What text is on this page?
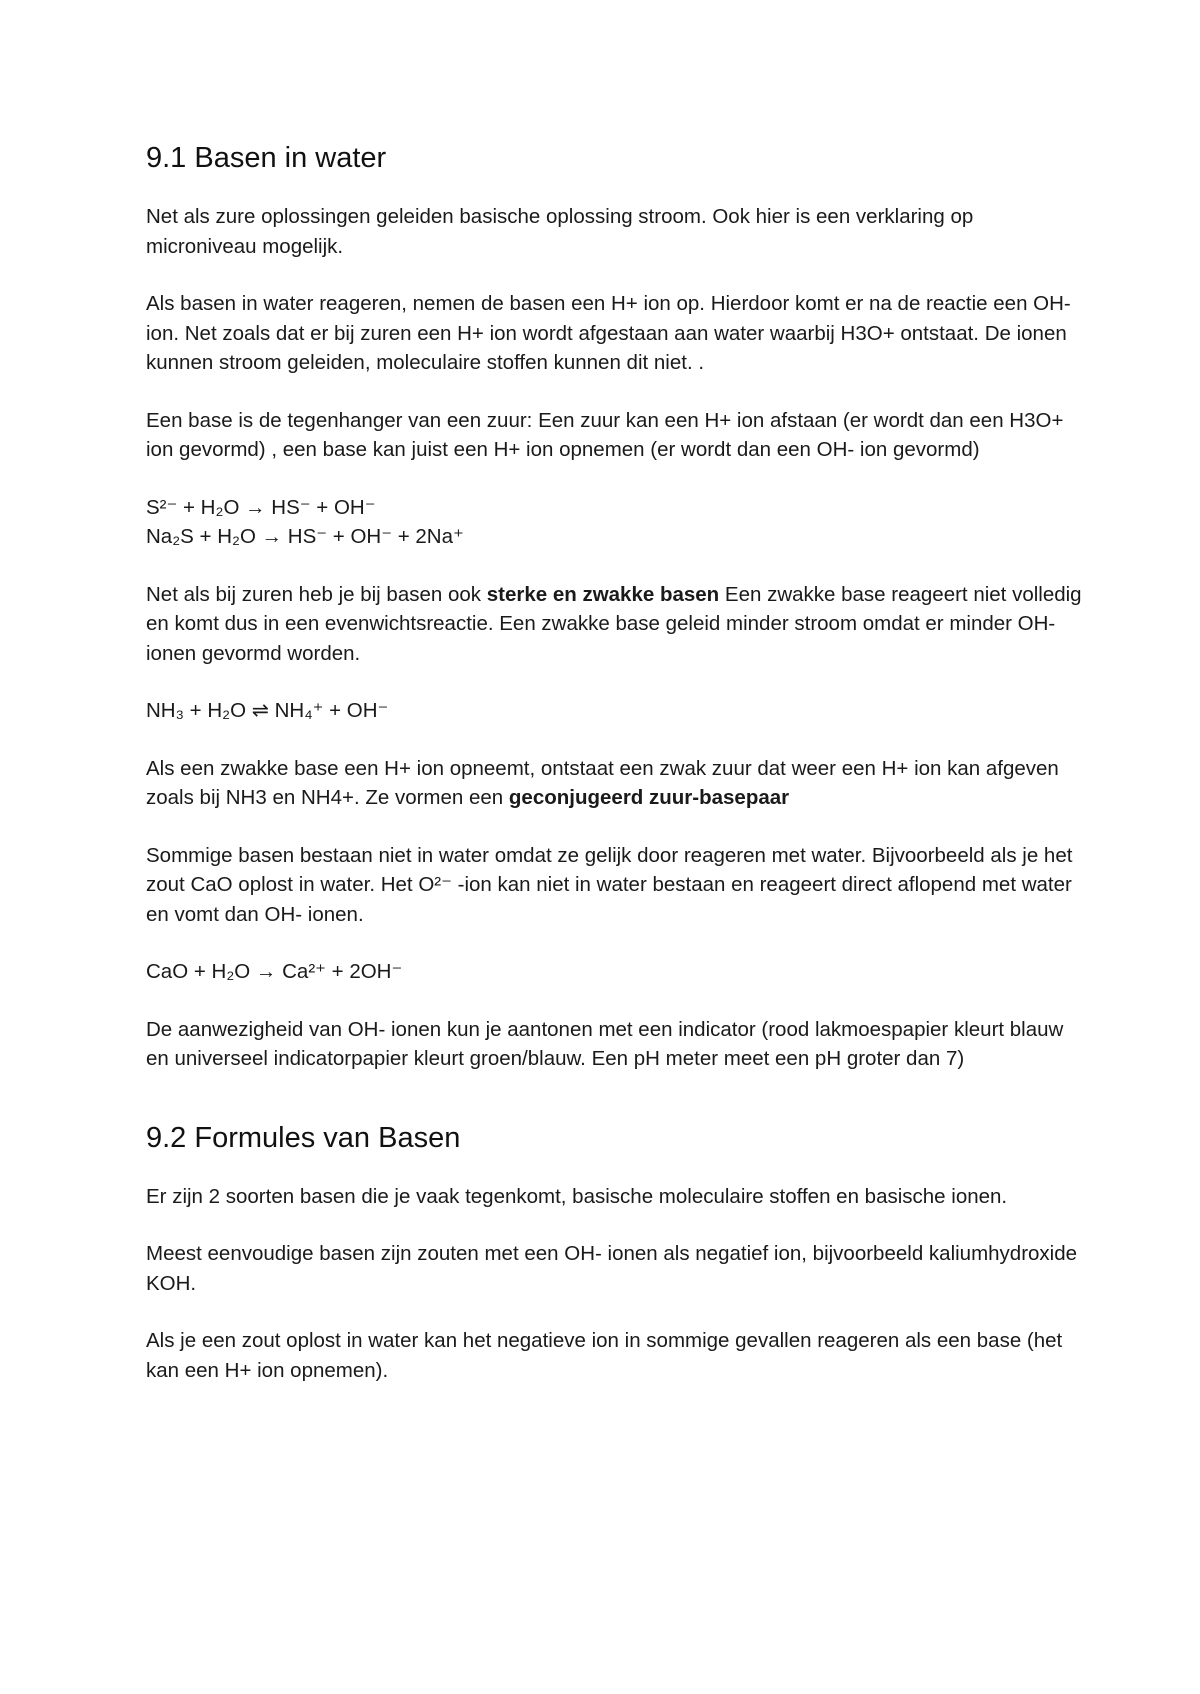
9.1 Basen in water

Net als zure oplossingen geleiden basische oplossing stroom. Ook hier is een verklaring op microniveau mogelijk.

Als basen in water reageren, nemen de basen een H+ ion op. Hierdoor komt er na de reactie een OH- ion. Net zoals dat er bij zuren een H+ ion wordt afgestaan aan water waarbij H3O+ ontstaat. De ionen kunnen stroom geleiden, moleculaire stoffen kunnen dit niet. .

Een base is de tegenhanger van een zuur: Een zuur kan een H+ ion afstaan (er wordt dan een H3O+ ion gevormd) , een base kan juist een H+ ion opnemen (er wordt dan een OH- ion gevormd)

S²⁻ + H₂O → HS⁻ + OH⁻

Na₂S + H₂O → HS⁻ + OH⁻ + 2Na⁺

Net als bij zuren heb je bij basen ook sterke en zwakke basen Een zwakke base reageert niet volledig en komt dus in een evenwichtsreactie. Een zwakke base geleid minder stroom omdat er minder OH- ionen gevormd worden.

NH₃ + H₂O ⇌ NH₄⁺ + OH⁻

Als een zwakke base een H+ ion opneemt, ontstaat een zwak zuur dat weer een H+ ion kan afgeven zoals bij NH3 en NH4+. Ze vormen een geconjugeerd zuur-basepaar

Sommige basen bestaan niet in water omdat ze gelijk door reageren met water. Bijvoorbeeld als je het zout CaO oplost in water. Het O²⁻ -ion kan niet in water bestaan en reageert direct aflopend met water en vomt dan OH- ionen.

CaO + H₂O → Ca²⁺ + 2OH⁻

De aanwezigheid van OH- ionen kun je aantonen met een indicator (rood lakmoespapier kleurt blauw en universeel indicatorpapier kleurt groen/blauw. Een pH meter meet een pH groter dan 7)

9.2 Formules van Basen

Er zijn 2 soorten basen die je vaak tegenkomt, basische moleculaire stoffen en basische ionen.

Meest eenvoudige basen zijn zouten met een OH- ionen als negatief ion, bijvoorbeeld kaliumhydroxide KOH.

Als je een zout oplost in water kan het negatieve ion in sommige gevallen reageren als een base (het kan een H+ ion opnemen).
